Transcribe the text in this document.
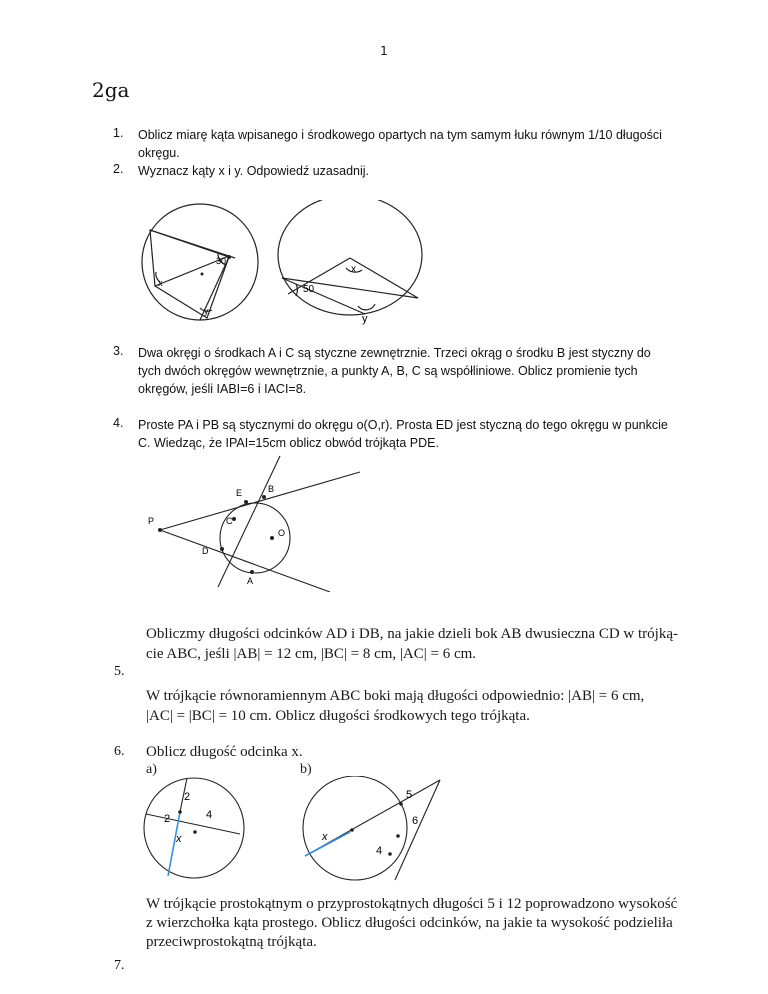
1
2ga
1. Oblicz miarę kąta wpisanego i środkowego opartych na tym samym łuku równym 1/10 długości okręgu.
2. Wyznacz kąty x i y. Odpowiedź uzasadnij.
30
x
y
x
50
y
3. Dwa okręgi o środkach A i C są styczne zewnętrznie. Trzeci okrąg o środku B jest styczny do tych dwóch okręgów wewnętrznie, a punkty A, B, C są współliniowe. Oblicz promienie tych okręgów, jeśli IABI=6 i IACI=8.
4. Proste PA i PB są stycznymi do okręgu o(O,r). Prosta ED jest styczną do tego okręgu w punkcie C. Wiedząc, że IPAI=15cm oblicz obwód trójkąta PDE.
P
E	B
C
O
D
A
Obliczmy długości odcinków AD i DB, na jakie dzieli bok AB dwusieczna CD w trójką-
cie ABC, jeśli |AB| = 12 cm, |BC| = 8 cm, |AC| = 6 cm.
5.
W trójkącie równoramiennym ABC boki mają długości odpowiednio: |AB| = 6 cm,
|AC| = |BC| = 10 cm. Oblicz długości środkowych tego trójkąta.
6. Oblicz długość odcinka x.
a)	b)
2
4
2
x
5
6
x
4
W trójkącie prostokątnym o przyprostokątnych długości 5 i 12 poprowadzono wysokość
z wierzchołka kąta prostego. Oblicz długości odcinków, na jakie ta wysokość podzieliła
przeciwprostokątną trójkąta.
7.
